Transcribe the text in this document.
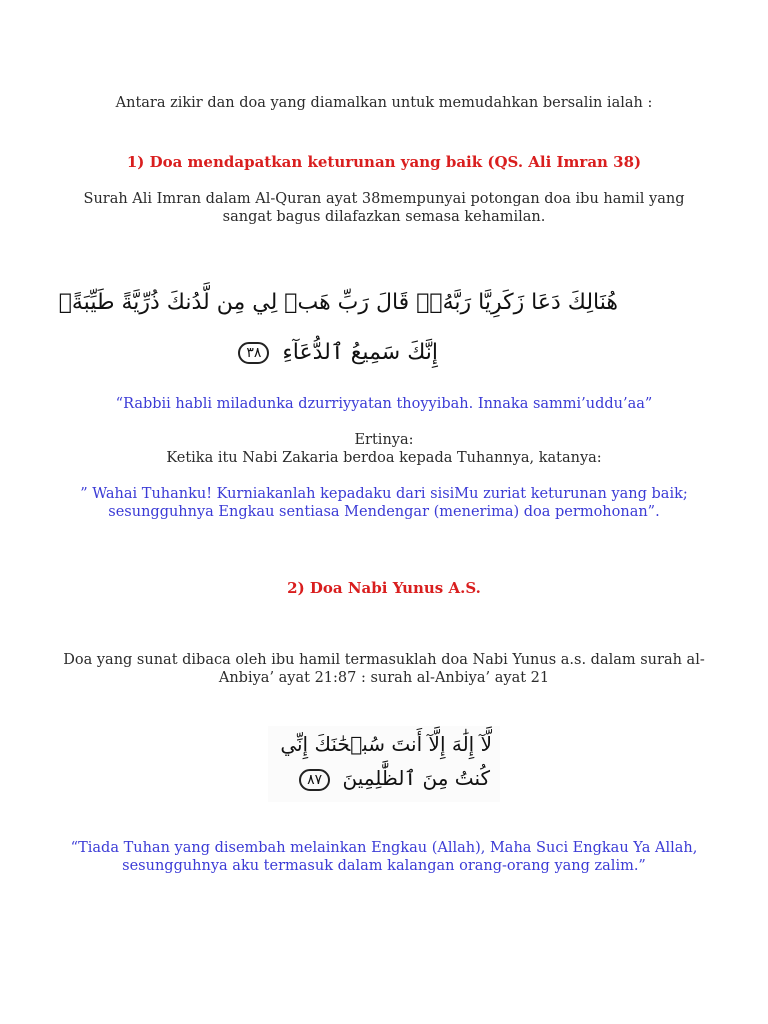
Antara zikir dan doa yang diamalkan untuk memudahkan bersalin ialah :
1) Doa mendapatkan keturunan yang baik (QS. Ali Imran 38)
Surah Ali Imran dalam Al-Quran ayat 38mempunyai potongan doa ibu hamil yang
sangat bagus dilafazkan semasa kehamilan.
هُنَالِكَ دَعَا زَكَرِيَّا رَبَّهُۥۖ قَالَ رَبِّ هَبۡ لِي مِن لَّدُنكَ ذُرِّيَّةً طَيِّبَةًۖ
إِنَّكَ سَمِيعُ ٱلدُّعَآءِ ٣٨
“Rabbii habli miladunka dzurriyyatan thoyyibah. Innaka sammi’uddu’aa”
Ertinya:
Ketika itu Nabi Zakaria berdoa kepada Tuhannya, katanya:
” Wahai Tuhanku! Kurniakanlah kepadaku dari sisiMu zuriat keturunan yang baik;
sesungguhnya Engkau sentiasa Mendengar (menerima) doa permohonan”.
2) Doa Nabi Yunus A.S.
Doa yang sunat dibaca oleh ibu hamil termasuklah doa Nabi Yunus a.s. dalam surah al-
Anbiya’ ayat 21:87 : surah al-Anbiya’ ayat 21
لَّآ إِلَٰهَ إِلَّآ أَنتَ سُبۡحَٰنَكَ إِنِّي
كُنتُ مِنَ ٱلظَّٰلِمِينَ ٨٧
“Tiada Tuhan yang disembah melainkan Engkau (Allah), Maha Suci Engkau Ya Allah,
sesungguhnya aku termasuk dalam kalangan orang-orang yang zalim.”
